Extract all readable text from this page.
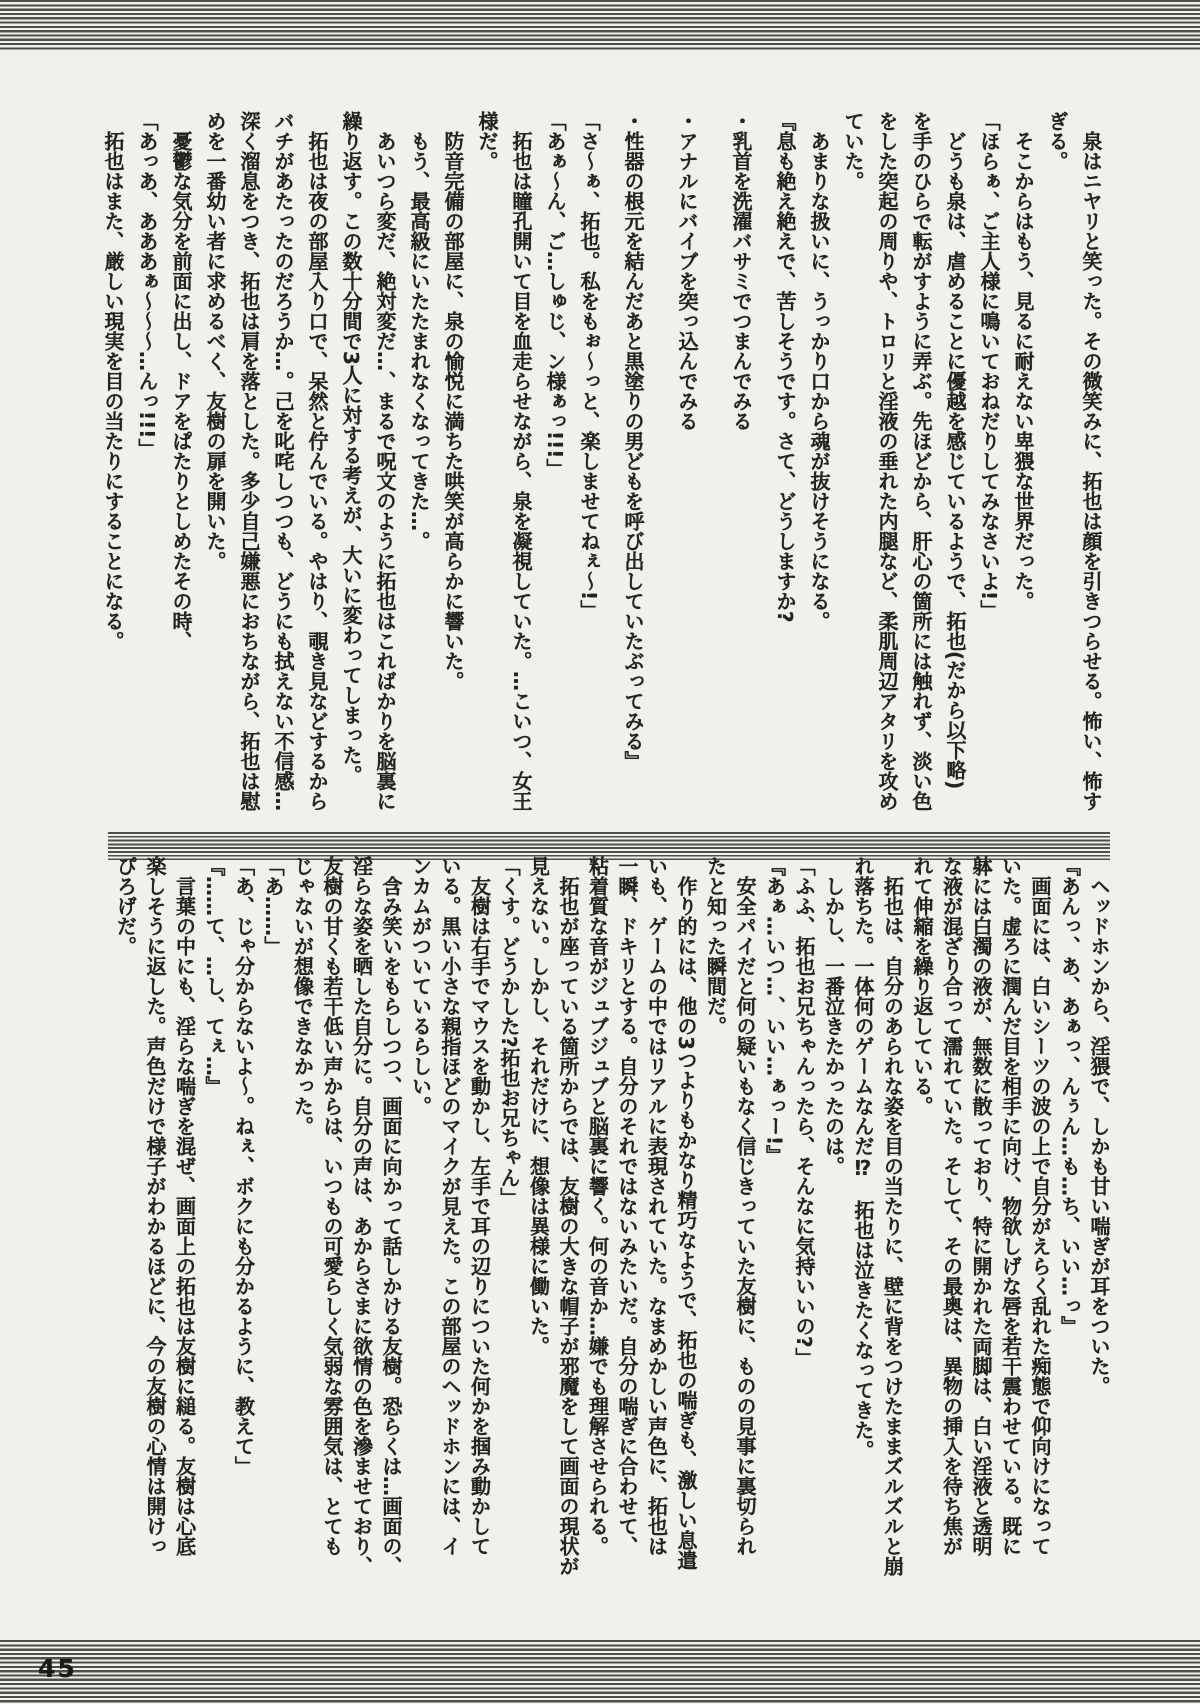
　泉はニヤリと笑った。その微笑みに、拓也は顔を引きつらせる。怖い、怖す
ぎる。
　そこからはもう、見るに耐えない卑猥な世界だった。
「ほらぁ、ご主人様に鳴いておねだりしてみなさいよ!」
　どうも泉は、虐めることに優越を感じているようで、拓也(だから以下略)
を手のひらで転がすように弄ぶ。先ほどから、肝心の箇所には触れず、淡い色
をした突起の周りや、トロリと淫液の垂れた内腿など、柔肌周辺アタリを攻め
ていた。
　あまりな扱いに、うっかり口から魂が抜けそうになる。
『息も絶え絶えで、苦しそうです。さて、どうしますか?
・乳首を洗濯バサミでつまんでみる
・アナルにバイブを突っ込んでみる
・性器の根元を結んだあと黒塗りの男どもを呼び出していたぶってみる』
「さ〜ぁ、拓也。私をもぉ〜っと、楽しませてねぇ〜!」
「あぁ〜ん、ご…しゅじ、ン様ぁっ!!!」
　拓也は瞳孔開いて目を血走らせながら、泉を凝視していた。…こいつ、女王
様だ。
　防音完備の部屋に、泉の愉悦に満ちた哄笑が高らかに響いた。
　もう、最高級にいたたまれなくなってきた…。
　あいつら変だ、絶対変だ…、まるで呪文のように拓也はこればかりを脳裏に
繰り返す。この数十分間で3人に対する考えが、大いに変わってしまった。
　拓也は夜の部屋入り口で、呆然と佇んでいる。やはり、覗き見などするから
バチがあたったのだろうか…。己を叱咤しつつも、どうにも拭えない不信感…
深く溜息をつき、拓也は肩を落とした。多少自己嫌悪におちながら、拓也は慰
めを一番幼い者に求めるべく、友樹の扉を開いた。
　憂鬱な気分を前面に出し、ドアをぱたりとしめたその時、
「あっあ、あああぁ〜〜〜…んっ!!!」
　拓也はまた、厳しい現実を目の当たりにすることになる。
　ヘッドホンから、淫猥で、しかも甘い喘ぎが耳をついた。
『あんっ、あ、あぁっ、んぅん…も…ち、いい…っ』
　画面には、白いシーツの波の上で自分がえらく乱れた痴態で仰向けになって
いた。虚ろに潤んだ目を相手に向け、物欲しげな唇を若干震わせている。既に
躰には白濁の液が、無数に散っており、特に開かれた両脚は、白い淫液と透明
な液が混ざり合って濡れていた。そして、その最奥は、異物の挿入を待ち焦が
れて伸縮を繰り返している。
　拓也は、自分のあられな姿を目の当たりに、壁に背をつけたままズルズルと崩
れ落ちた。一体何のゲームなんだ⁉　拓也は泣きたくなってきた。
　しかし、一番泣きたかったのは。
「ふふ、拓也お兄ちゃんったら、そんなに気持いいの?」
『あぁ…いつ…、いい…ぁっー!』
　安全パイだと何の疑いもなく信じきっていた友樹に、ものの見事に裏切られ
たと知った瞬間だ。
　作り的には、他の3つよりもかなり精巧なようで、拓也の喘ぎも、激しい息遣
いも、ゲームの中ではリアルに表現されていた。なまめかしい声色に、拓也は
一瞬、ドキリとする。自分のそれではないみたいだ。自分の喘ぎに合わせて、
粘着質な音がジュブジュブと脳裏に響く。何の音か…嫌でも理解させられる。
　拓也が座っている箇所からでは、友樹の大きな帽子が邪魔をして画面の現状が
見えない。しかし、それだけに、想像は異様に働いた。
「くす。どうかした?拓也お兄ちゃん」
　友樹は右手でマウスを動かし、左手で耳の辺りについた何かを掴み動かして
いる。黒い小さな親指ほどのマイクが見えた。この部屋のヘッドホンには、イ
ンカムがついているらしい。
　含み笑いをもらしつつ、画面に向かって話しかける友樹。恐らくは…画面の、
淫らな姿を晒した自分に。自分の声は、あからさまに欲情の色を滲ませており、
友樹の甘くも若干低い声からは、いつもの可愛らしく気弱な雰囲気は、とても
じゃないが想像できなかった。
「あ……」
「あ、じゃ分からないよ〜。ねぇ、ボクにも分かるように、教えて」
『……て、…し、てぇ…』
　言葉の中にも、淫らな喘ぎを混ぜ、画面上の拓也は友樹に縋る。友樹は心底
楽しそうに返した。声色だけで様子がわかるほどに、今の友樹の心情は開けっ
ぴろげだ。
45
